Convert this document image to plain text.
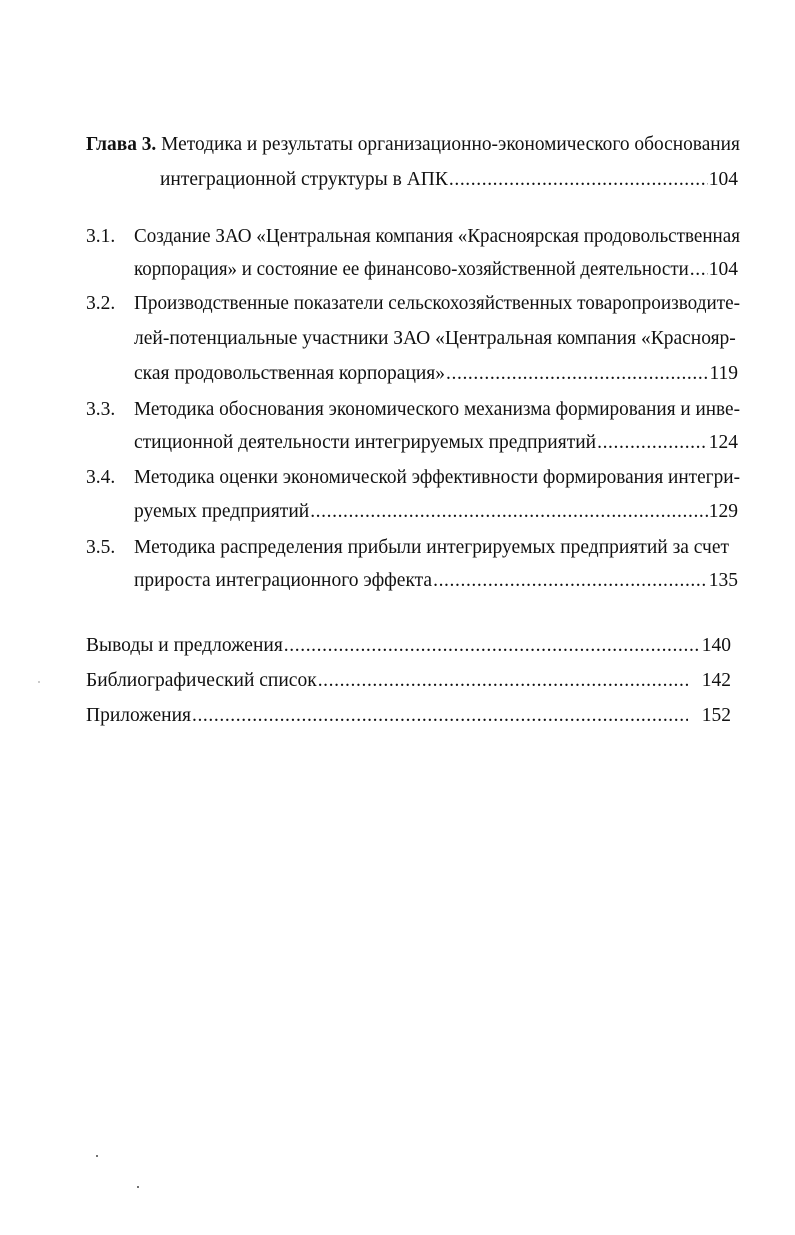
Глава 3. Методика и результаты организационно-экономического обоснования
интеграционной структуры в АПК .....	104
3.1. Создание ЗАО «Центральная компания «Красноярская продовольственная
корпорация» и состояние ее финансово-хозяйственной деятельности ..... 104
3.2. Производственные показатели сельскохозяйственных товаропроизводите-
лей-потенциальные участники ЗАО «Центральная компания «Краснояр-
ская продовольственная корпорация» .....	119
3.3. Методика обоснования экономического механизма формирования и инве-
стиционной деятельности интегрируемых предприятий .....	124
3.4. Методика оценки экономической эффективности формирования интегри-
руемых предприятий .....	129
3.5. Методика распределения прибыли интегрируемых предприятий за счет
прироста интеграционного эффекта .....	135
Выводы и предложения .....	140
Библиографический список .....	142
Приложения .....	152
